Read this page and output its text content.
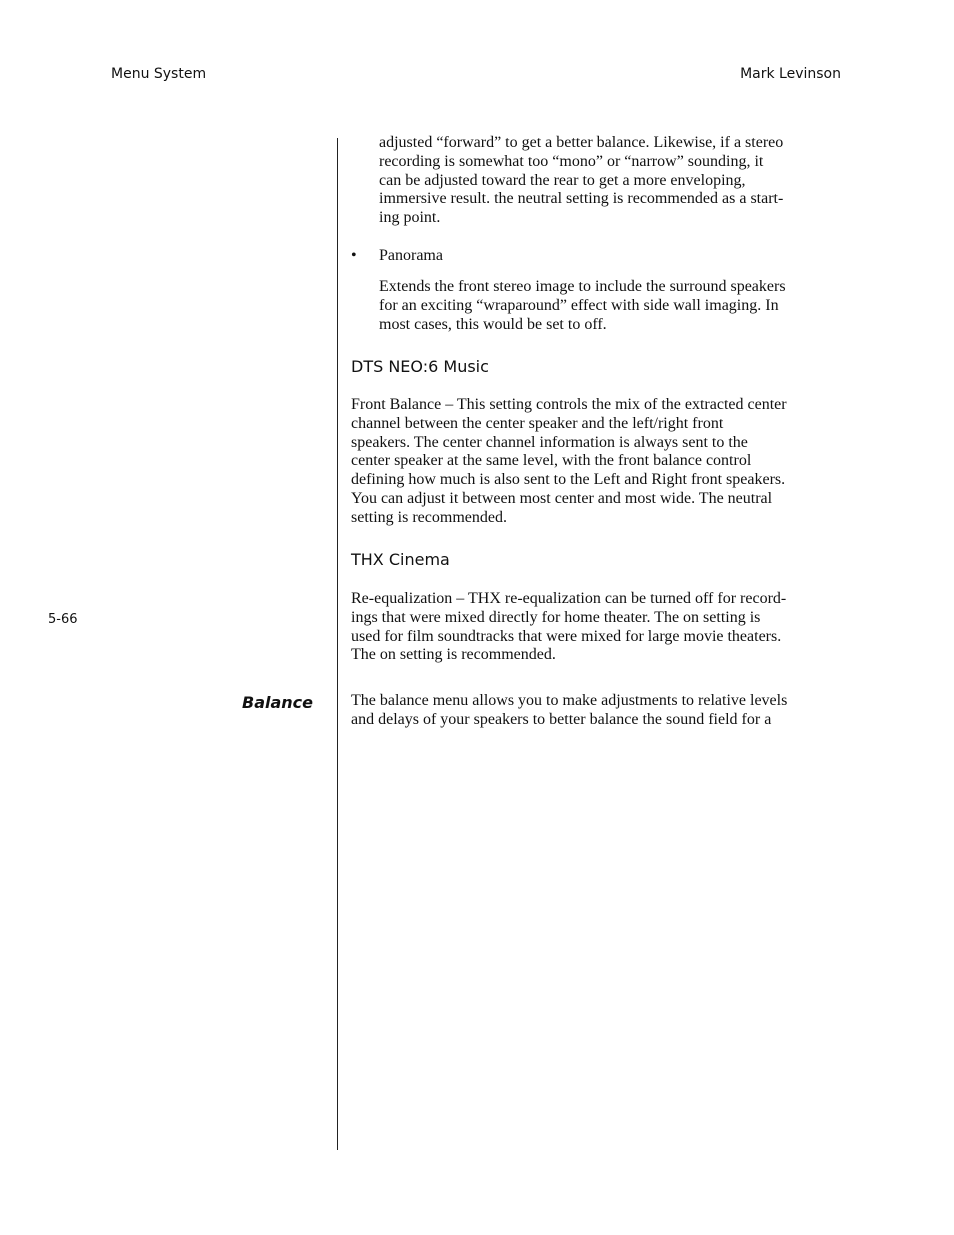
Menu System	Mark Levinson
5-66
adjusted “forward” to get a better balance. Likewise, if a stereo
recording is somewhat too “mono” or “narrow” sounding, it
can be adjusted toward the rear to get a more enveloping,
immersive result. the neutral setting is recommended as a start-
ing point.
• Panorama
Extends the front stereo image to include the surround speakers
for an exciting “wraparound” effect with side wall imaging. In
most cases, this would be set to off.
DTS NEO:6 Music
Front Balance – This setting controls the mix of the extracted center
channel between the center speaker and the left/right front
speakers. The center channel information is always sent to the
center speaker at the same level, with the front balance control
defining how much is also sent to the Left and Right front speakers.
You can adjust it between most center and most wide. The neutral
setting is recommended.
THX Cinema
Re-equalization – THX re-equalization can be turned off for record-
ings that were mixed directly for home theater. The on setting is
used for film soundtracks that were mixed for large movie theaters.
The on setting is recommended.
Balance The balance menu allows you to make adjustments to relative levels
and delays of your speakers to better balance the sound field for a
